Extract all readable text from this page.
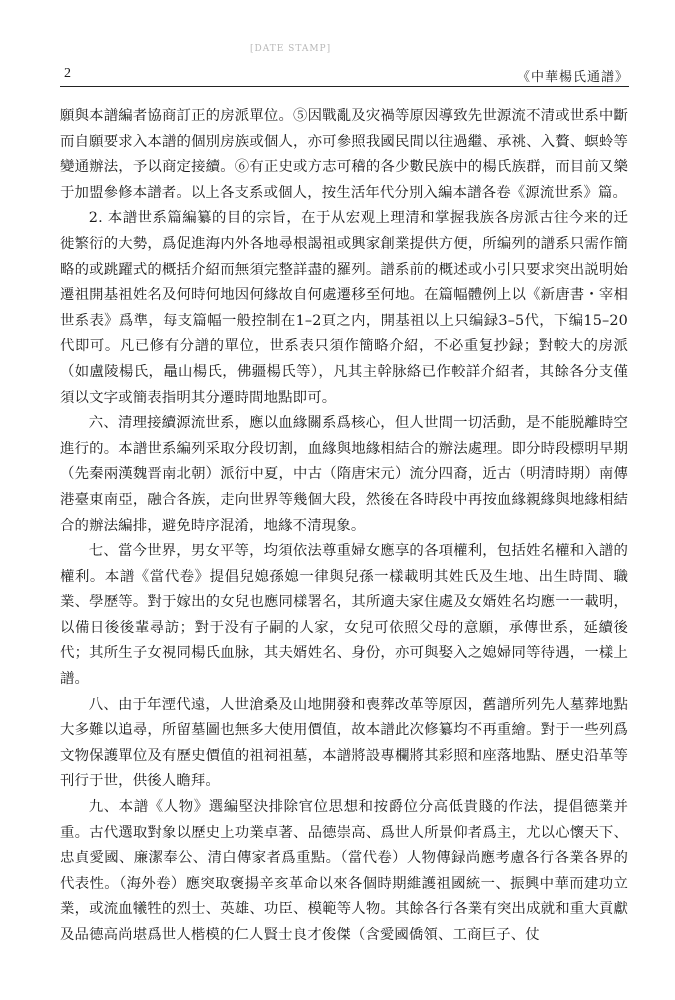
[DATE STAMP]
2	《中華楊氏通譜》

願與本譜編者協商訂正的房派單位。⑤因戰亂及灾禍等原因導致先世源流不清或世系中斷而自願要求入本譜的個別房族或個人，亦可參照我國民間以往過繼、承祧、入贅、螟蛉等變通辦法，予以商定接續。⑥有正史或方志可稽的各少數民族中的楊氏族群，而目前又樂于加盟參修本譜者。以上各支系或個人，按生活年代分別入編本譜各卷《源流世系》篇。

2. 本譜世系篇編纂的目的宗旨，在于从宏观上理清和掌握我族各房派古往今来的迁徙繁衍的大勢，爲促進海内外各地尋根謁祖或興家創業提供方便，所编列的譜系只需作簡略的或跳躍式的概括介紹而無須完整詳盡的羅列。譜系前的概述或小引只要求突出説明始遷祖開基祖姓名及何時何地因何緣故自何處遷移至何地。在篇幅體例上以《新唐書・宰相世系表》爲準，每支篇幅一般控制在1–2頁之内，開基祖以上只编録3–5代，下编15–20代即可。凡已修有分譜的單位，世系表只須作簡略介紹，不必重复抄録；對較大的房派（如盧陵楊氏，鼂山楊氏，佛疆楊氏等），凡其主幹脉絡已作較詳介紹者，其餘各分支僅須以文字或簡表指明其分遷時間地點即可。

六、清理接續源流世系，應以血緣關系爲核心，但人世間一切活動，是不能脱離時空進行的。本譜世系編列采取分段切割，血緣與地緣相結合的辦法處理。即分時段標明早期（先秦兩漢魏晋南北朝）派衍中夏，中古（隋唐宋元）流分四裔，近古（明清時期）南傳港臺東南亞，融合各族，走向世界等幾個大段，然後在各時段中再按血緣親緣與地緣相結合的辦法編排，避免時序混淆，地緣不清現象。

七、當今世界，男女平等，均須依法尊重婦女應享的各項權利，包括姓名權和入譜的權利。本譜《當代卷》提倡兒媳孫媳一律與兒孫一樣載明其姓氏及生地、出生時間、職業、學歷等。對于嫁出的女兒也應同樣署名，其所適夫家住處及女婿姓名均應一一載明，以備日後後輩尋訪；對于没有子嗣的人家，女兒可依照父母的意願，承傳世系，延續後代；其所生子女視同楊氏血脉，其夫婿姓名、身份，亦可與娶入之媳婦同等待遇，一樣上譜。

八、由于年湮代遠，人世滄桑及山地開發和喪葬改革等原因，舊譜所列先人墓葬地點大多難以追尋，所留墓圖也無多大使用價值，故本譜此次修纂均不再重繪。對于一些列爲文物保護單位及有歷史價值的祖祠祖墓，本譜將設專欄將其彩照和座落地點、歷史沿革等刊行于世，供後人瞻拜。

九、本譜《人物》選編堅決排除官位思想和按爵位分高低貴賤的作法，提倡德業并重。古代選取對象以歷史上功業卓著、品德崇高、爲世人所景仰者爲主，尤以心懷天下、忠貞愛國、廉潔奉公、清白傳家者爲重點。（當代卷）人物傳録尚應考慮各行各業各界的代表性。（海外卷）應突取褒揚辛亥革命以來各個時期維護祖國統一、振興中華而建功立業，或流血犧牲的烈士、英雄、功臣、模範等人物。其餘各行各業有突出成就和重大貢獻及品德高尚堪爲世人楷模的仁人賢士良才俊傑（含愛國僑領、工商巨子、仗
